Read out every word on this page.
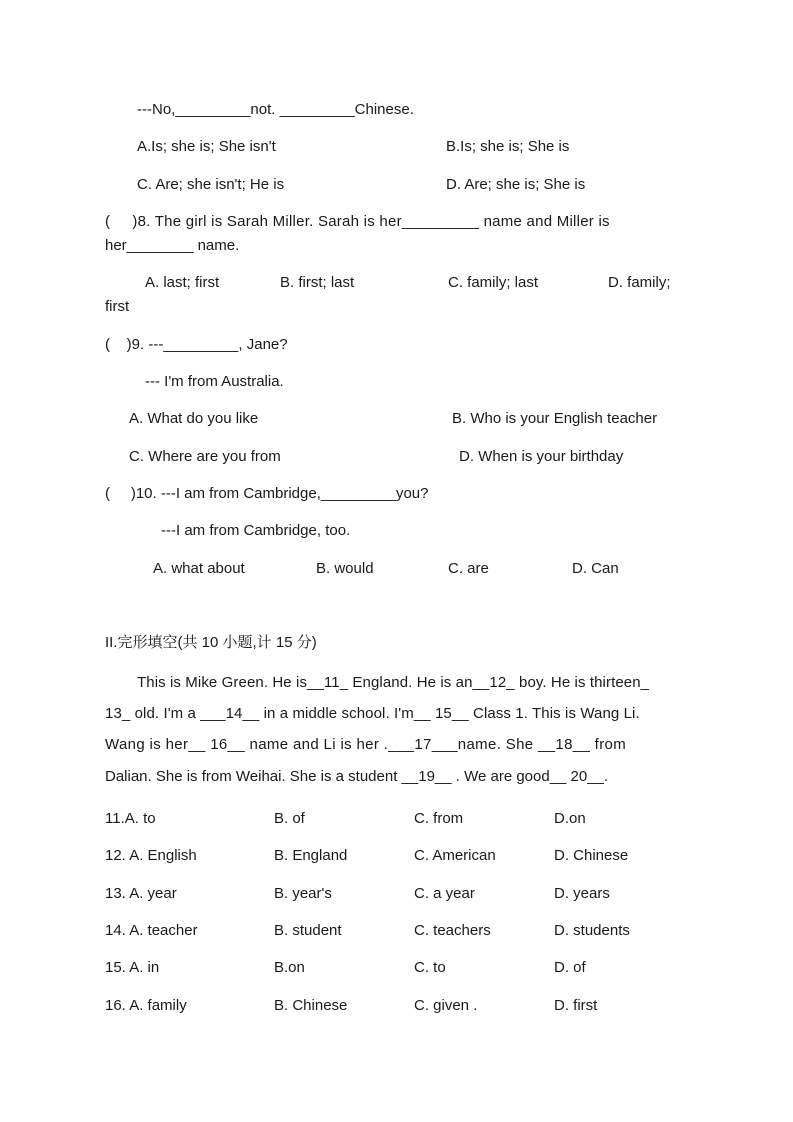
---No,_________not. _________Chinese.
A.Is; she is; She isn't	B.Is; she is; She is
C. Are; she isn't; He is	D. Are; she is; She is
(     )8. The girl is Sarah Miller. Sarah is her_________ name and Miller is
her________ name.
A. last; first	B. first; last	C. family; last	D. family;
first
(    )9. ---_________, Jane?
--- I'm from Australia.
A. What do you like	B. Who is your English teacher
C. Where are you from	D. When is your birthday
(     )10. ---I am from Cambridge,_________you?
---I am from Cambridge, too.
A. what about	B. would	C. are	D. Can
II.完形填空(共 10 小题,计 15 分)
This is Mike Green. He is__11_ England. He is an__12_ boy. He is thirteen_
13_ old. I'm a ___14__ in a middle school. I'm__ 15__ Class 1. This is Wang Li.
Wang is her__ 16__ name and Li is her .___17___name. She __18__ from
Dalian. She is from Weihai. She is a student __19__ . We are good__ 20__.
11.A. to	B. of	C. from	D.on
12. A. English	B. England	C. American	D. Chinese
13. A. year	B. year's	C. a year	D. years
14. A. teacher	B. student	C. teachers	D. students
15. A. in	B.on	C. to	D. of
16. A. family	B. Chinese	C. given .	D. first
